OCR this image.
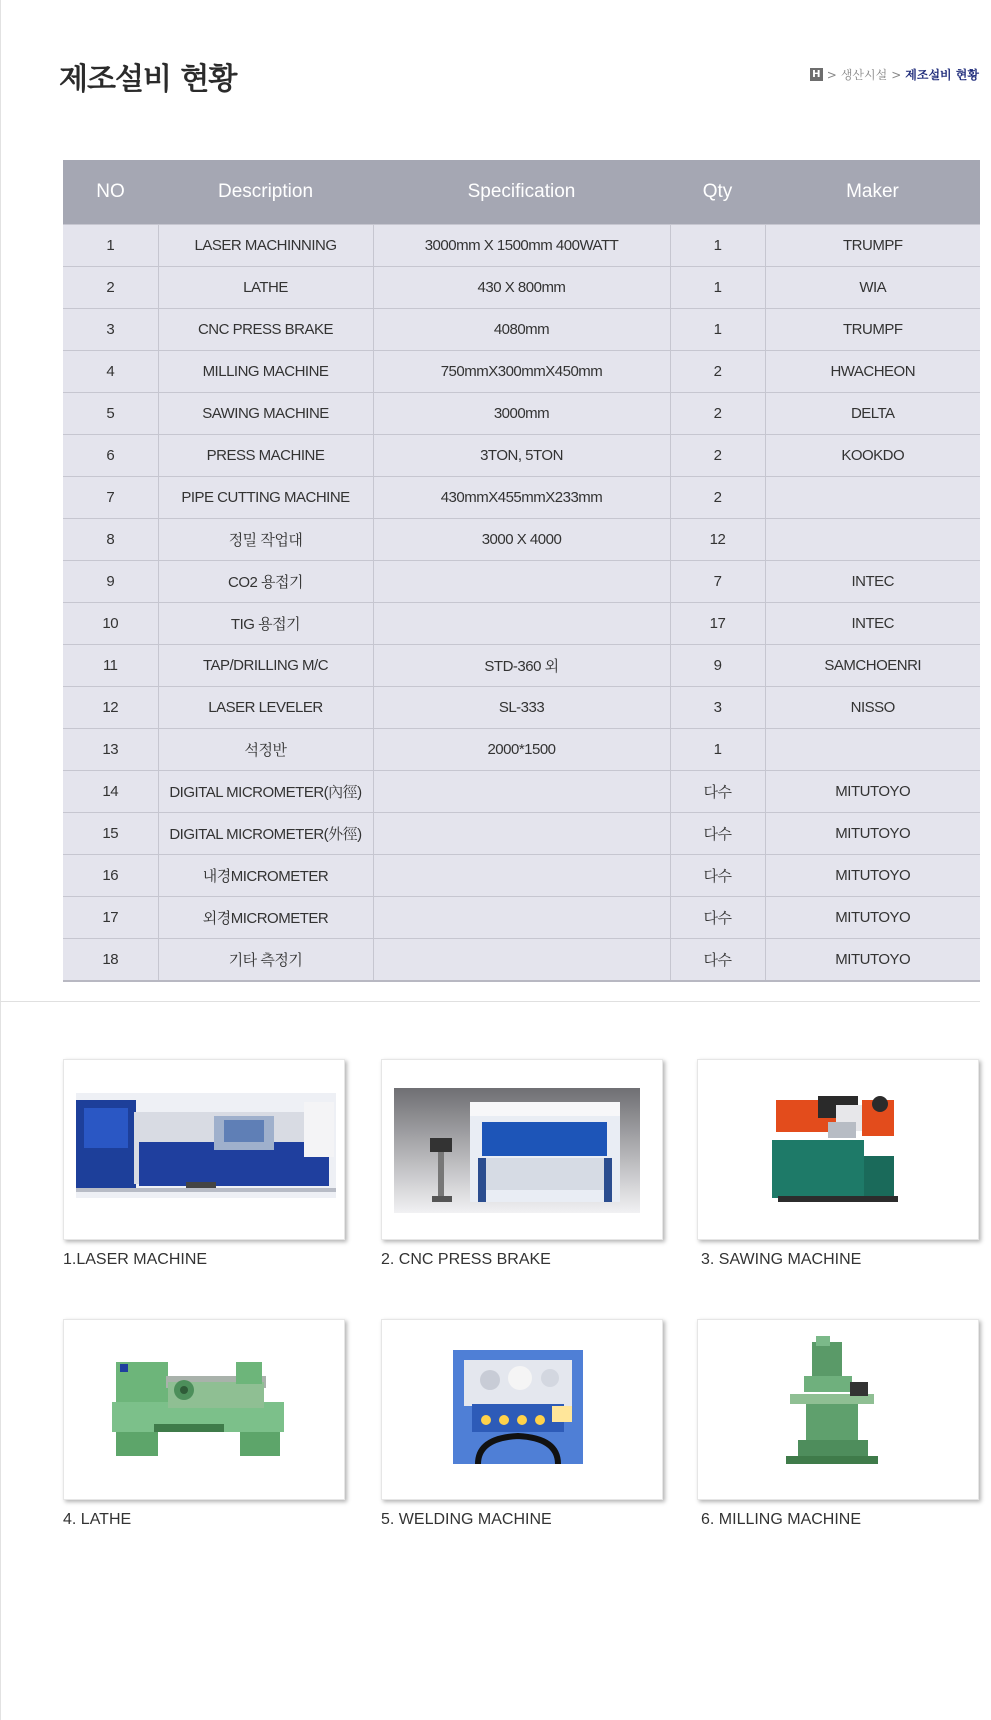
제조설비 현황	H > 생산시설 > 제조설비 현황
NO	Description	Specification	Qty	Maker
1	LASER MACHINNING	3000mm X 1500mm 400WATT	1	TRUMPF
2	LATHE	430 X 800mm	1	WIA
3	CNC PRESS BRAKE	4080mm	1	TRUMPF
4	MILLING MACHINE	750mmX300mmX450mm	2	HWACHEON
5	SAWING MACHINE	3000mm	2	DELTA
6	PRESS MACHINE	3TON, 5TON	2	KOOKDO
7	PIPE CUTTING MACHINE	430mmX455mmX233mm	2	
8	정밀 작업대	3000 X 4000	12	
9	CO2 용접기		7	INTEC
10	TIG 용접기		17	INTEC
11	TAP/DRILLING M/C	STD-360 외	9	SAMCHOENRI
12	LASER LEVELER	SL-333	3	NISSO
13	석정반	2000*1500	1	
14	DIGITAL MICROMETER(內徑)		다수	MITUTOYO
15	DIGITAL MICROMETER(外徑)		다수	MITUTOYO
16	내경MICROMETER		다수	MITUTOYO
17	외경MICROMETER		다수	MITUTOYO
18	기타 측정기		다수	MITUTOYO
1.LASER MACHINE	2. CNC PRESS BRAKE	3. SAWING MACHINE
4. LATHE	5. WELDING MACHINE	6. MILLING MACHINE
